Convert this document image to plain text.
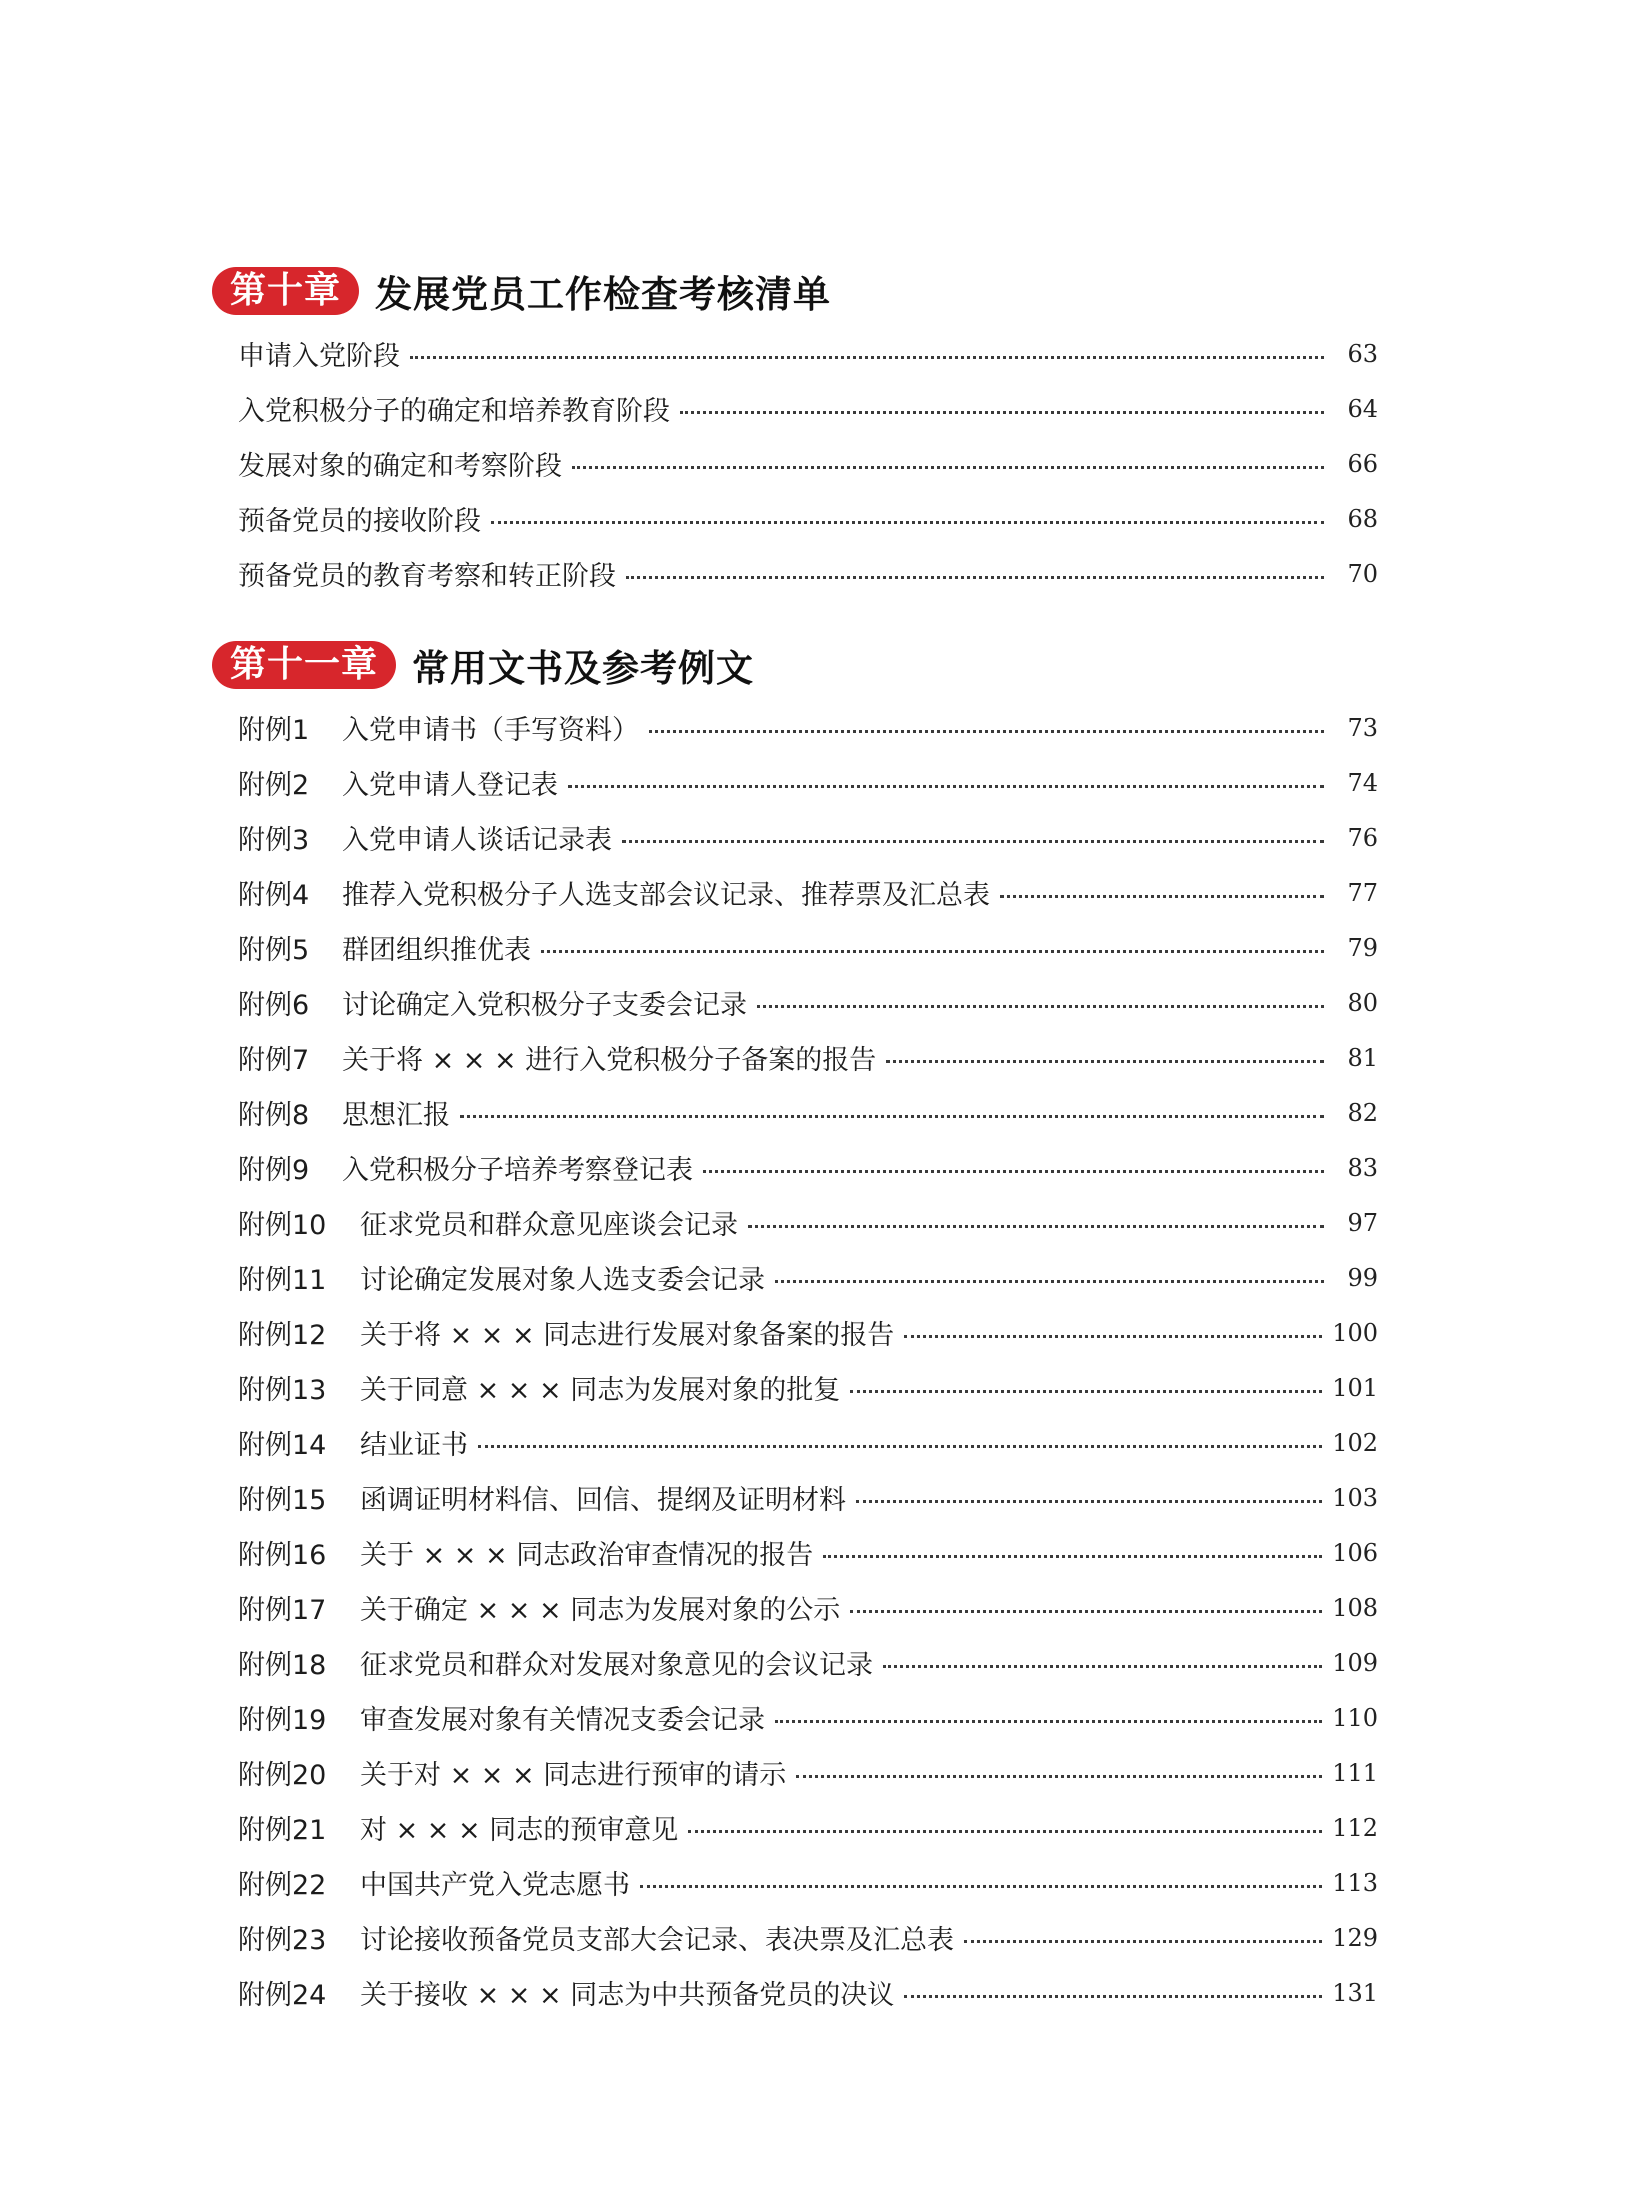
第十章 发展党员工作检查考核清单
申请入党阶段	63
入党积极分子的确定和培养教育阶段	64
发展对象的确定和考察阶段	66
预备党员的接收阶段	68
预备党员的教育考察和转正阶段	70
第十一章 常用文书及参考例文
附例1	入党申请书（手写资料）	73
附例2	入党申请人登记表	74
附例3	入党申请人谈话记录表	76
附例4	推荐入党积极分子人选支部会议记录、推荐票及汇总表	77
附例5	群团组织推优表	79
附例6	讨论确定入党积极分子支委会记录	80
附例7	关于将 × × × 进行入党积极分子备案的报告	81
附例8	思想汇报	82
附例9	入党积极分子培养考察登记表	83
附例10	征求党员和群众意见座谈会记录	97
附例11	讨论确定发展对象人选支委会记录	99
附例12	关于将 × × × 同志进行发展对象备案的报告	100
附例13	关于同意 × × × 同志为发展对象的批复	101
附例14	结业证书	102
附例15	函调证明材料信、回信、提纲及证明材料	103
附例16	关于 × × × 同志政治审查情况的报告	106
附例17	关于确定 × × × 同志为发展对象的公示	108
附例18	征求党员和群众对发展对象意见的会议记录	109
附例19	审查发展对象有关情况支委会记录	110
附例20	关于对 × × × 同志进行预审的请示	111
附例21	对 × × × 同志的预审意见	112
附例22	中国共产党入党志愿书	113
附例23	讨论接收预备党员支部大会记录、表决票及汇总表	129
附例24	关于接收 × × × 同志为中共预备党员的决议	131
